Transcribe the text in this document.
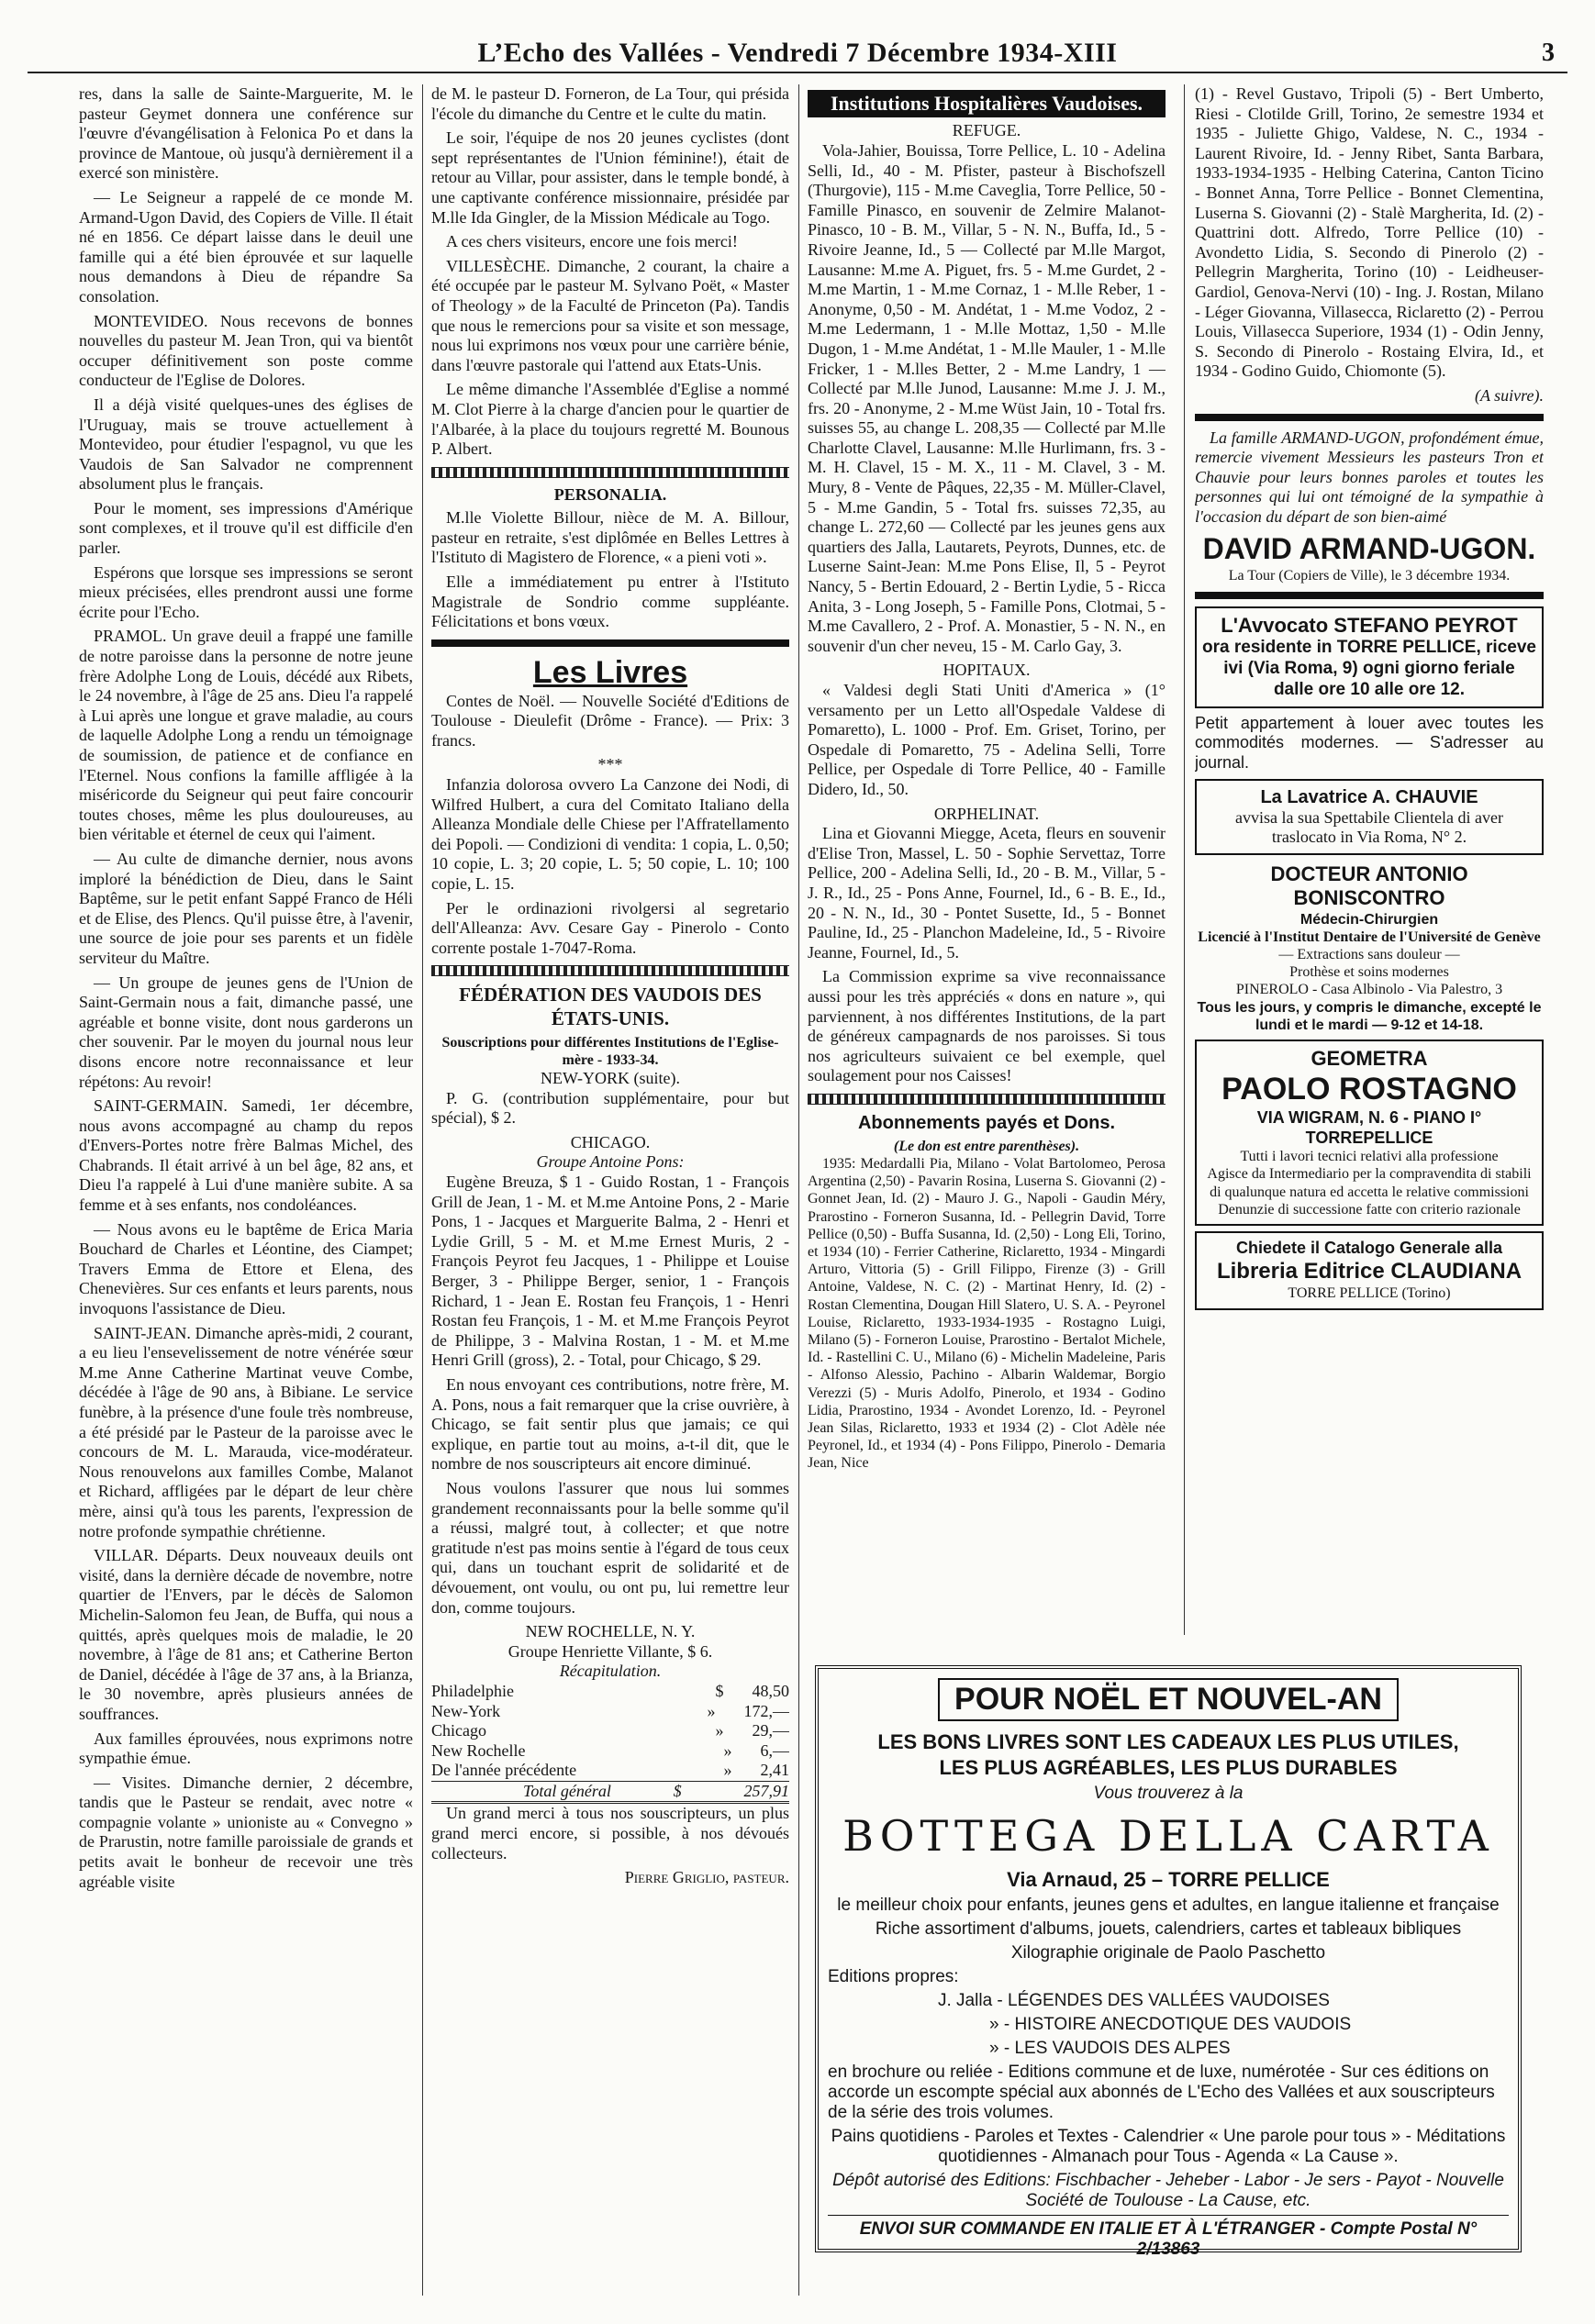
L’Echo des Vallées - Vendredi 7 Décembre 1934-XIII	3

res, dans la salle de Sainte-Marguerite, M. le pasteur Geymet donnera une conférence sur l'œuvre d'évangélisation à Felonica Po et dans la province de Mantoue, où jusqu'à dernièrement il a exercé son ministère.

— Le Seigneur a rappelé de ce monde M. Armand-Ugon David, des Copiers de Ville. Il était né en 1856. Ce départ laisse dans le deuil une famille qui a été bien éprouvée et sur laquelle nous demandons à Dieu de répandre Sa consolation.

MONTEVIDEO. Nous recevons de bonnes nouvelles du pasteur M. Jean Tron, qui va bientôt occuper définitivement son poste comme conducteur de l'Eglise de Dolores.

Il a déjà visité quelques-unes des églises de l'Uruguay, mais se trouve actuellement à Montevideo, pour étudier l'espagnol, vu que les Vaudois de San Salvador ne comprennent absolument plus le français.

Pour le moment, ses impressions d'Amérique sont complexes, et il trouve qu'il est difficile d'en parler.

Espérons que lorsque ses impressions se seront mieux précisées, elles prendront aussi une forme écrite pour l'Echo.

PRAMOL. Un grave deuil a frappé une famille de notre paroisse dans la personne de notre jeune frère Adolphe Long de Louis, décédé aux Ribets, le 24 novembre, à l'âge de 25 ans. Dieu l'a rappelé à Lui après une longue et grave maladie, au cours de laquelle Adolphe Long a rendu un témoignage de soumission, de patience et de confiance en l'Eternel. Nous confions la famille affligée à la miséricorde du Seigneur qui peut faire concourir toutes choses, même les plus douloureuses, au bien véritable et éternel de ceux qui l'aiment.

— Au culte de dimanche dernier, nous avons imploré la bénédiction de Dieu, dans le Saint Baptême, sur le petit enfant Sappé Franco de Héli et de Elise, des Plencs. Qu'il puisse être, à l'avenir, une source de joie pour ses parents et un fidèle serviteur du Maître.

— Un groupe de jeunes gens de l'Union de Saint-Germain nous a fait, dimanche passé, une agréable et bonne visite, dont nous garderons un cher souvenir. Par le moyen du journal nous leur disons encore notre reconnaissance et leur répétons: Au revoir!

SAINT-GERMAIN. Samedi, 1er décembre, nous avons accompagné au champ du repos d'Envers-Portes notre frère Balmas Michel, des Chabrands. Il était arrivé à un bel âge, 82 ans, et Dieu l'a rappelé à Lui d'une manière subite. A sa femme et à ses enfants, nos condoléances.

— Nous avons eu le baptême de Erica Maria Bouchard de Charles et Léontine, des Ciampet; Travers Emma de Ettore et Elena, des Chenevières. Sur ces enfants et leurs parents, nous invoquons l'assistance de Dieu.

SAINT-JEAN. Dimanche après-midi, 2 courant, a eu lieu l'ensevelissement de notre vénérée sœur M.me Anne Catherine Martinat veuve Combe, décédée à l'âge de 90 ans, à Bibiane. Le service funèbre, à la présence d'une foule très nombreuse, a été présidé par le Pasteur de la paroisse avec le concours de M. L. Marauda, vice-modérateur. Nous renouvelons aux familles Combe, Malanot et Richard, affligées par le départ de leur chère mère, ainsi qu'à tous les parents, l'expression de notre profonde sympathie chrétienne.

VILLAR. Départs. Deux nouveaux deuils ont visité, dans la dernière décade de novembre, notre quartier de l'Envers, par le décès de Salomon Michelin-Salomon feu Jean, de Buffa, qui nous a quittés, après quelques mois de maladie, le 20 novembre, à l'âge de 81 ans; et Catherine Berton de Daniel, décédée à l'âge de 37 ans, à la Brianza, le 30 novembre, après plusieurs années de souffrances.

Aux familles éprouvées, nous exprimons notre sympathie émue.

— Visites. Dimanche dernier, 2 décembre, tandis que le Pasteur se rendait, avec notre « compagnie volante » unioniste au « Convegno » de Prarustin, notre famille paroissiale de grands et petits avait le bonheur de recevoir une très agréable visite

de M. le pasteur D. Forneron, de La Tour, qui présida l'école du dimanche du Centre et le culte du matin.

Le soir, l'équipe de nos 20 jeunes cyclistes (dont sept représentantes de l'Union féminine!), était de retour au Villar, pour assister, dans le temple bondé, à une captivante conférence missionnaire, présidée par M.lle Ida Gingler, de la Mission Médicale au Togo.

A ces chers visiteurs, encore une fois merci!

VILLESÈCHE. Dimanche, 2 courant, la chaire a été occupée par le pasteur M. Sylvano Poët, « Master of Theology » de la Faculté de Princeton (Pa). Tandis que nous le remercions pour sa visite et son message, nous lui exprimons nos vœux pour une carrière bénie, dans l'œuvre pastorale qui l'attend aux Etats-Unis.

Le même dimanche l'Assemblée d'Eglise a nommé M. Clot Pierre à la charge d'ancien pour le quartier de l'Albarée, à la place du toujours regretté M. Bounous P. Albert.

PERSONALIA.

M.lle Violette Billour, nièce de M. A. Billour, pasteur en retraite, s'est diplômée en Belles Lettres à l'Istituto di Magistero de Florence, « a pieni voti ».

Elle a immédiatement pu entrer à l'Istituto Magistrale de Sondrio comme suppléante. Félicitations et bons vœux.

Les Livres

Contes de Noël. — Nouvelle Société d'Editions de Toulouse - Dieulefit (Drôme - France). — Prix: 3 francs.

***

Infanzia dolorosa ovvero La Canzone dei Nodi, di Wilfred Hulbert, a cura del Comitato Italiano della Alleanza Mondiale delle Chiese per l'Affratellamento dei Popoli. — Condizioni di vendita: 1 copia, L. 0,50; 10 copie, L. 3; 20 copie, L. 5; 50 copie, L. 10; 100 copie, L. 15.

Per le ordinazioni rivolgersi al segretario dell'Alleanza: Avv. Cesare Gay - Pinerolo - Conto corrente postale 1-7047-Roma.

FÉDÉRATION DES VAUDOIS DES ÉTATS-UNIS.
Souscriptions pour différentes Institutions de l'Eglise-mère - 1933-34.
NEW-YORK (suite).

P. G. (contribution supplémentaire, pour but spécial), $ 2.

CHICAGO.
Groupe Antoine Pons:

Eugène Breuza, $ 1 - Guido Rostan, 1 - François Grill de Jean, 1 - M. et M.me Antoine Pons, 2 - Marie Pons, 1 - Jacques et Marguerite Balma, 2 - Henri et Lydie Grill, 5 - M. et M.me Ernest Muris, 2 - François Peyrot feu Jacques, 1 - Philippe et Louise Berger, 3 - Philippe Berger, senior, 1 - François Richard, 1 - Jean E. Rostan feu François, 1 - Henri Rostan feu François, 1 - M. et M.me François Peyrot de Philippe, 3 - Malvina Rostan, 1 - M. et M.me Henri Grill (gross), 2. - Total, pour Chicago, $ 29.

En nous envoyant ces contributions, notre frère, M. A. Pons, nous a fait remarquer que la crise ouvrière, à Chicago, se fait sentir plus que jamais; ce qui explique, en partie tout au moins, a-t-il dit, que le nombre de nos souscripteurs ait encore diminué.

Nous voulons l'assurer que nous lui sommes grandement reconnaissants pour la belle somme qu'il a réussi, malgré tout, à collecter; et que notre gratitude n'est pas moins sentie à l'égard de tous ceux qui, dans un touchant esprit de solidarité et de dévouement, ont voulu, ou ont pu, lui remettre leur don, comme toujours.

NEW ROCHELLE, N. Y.
Groupe Henriette Villante, $ 6.
Récapitulation.
Philadelphie	$	48,50
New-York	»	172,—
Chicago	»	29,—
New Rochelle	»	6,—
De l'année précédente	»	2,41
Total général	$	257,91

Un grand merci à tous nos souscripteurs, un plus grand merci encore, si possible, à nos dévoués collecteurs.

Pierre Griglio, pasteur.
Institutions Hospitalières Vaudoises.
REFUGE.

Vola-Jahier, Bouissa, Torre Pellice, L. 10 - Adelina Selli, Id., 40 - M. Pfister, pasteur à Bischofszell (Thurgovie), 115 - M.me Caveglia, Torre Pellice, 50 - Famille Pinasco, en souvenir de Zelmire Malanot-Pinasco, 10 - B. M., Villar, 5 - N. N., Buffa, Id., 5 - Rivoire Jeanne, Id., 5 — Collecté par M.lle Margot, Lausanne: M.me A. Piguet, frs. 5 - M.me Gurdet, 2 - M.me Martin, 1 - M.me Cornaz, 1 - M.lle Reber, 1 - Anonyme, 0,50 - M. Andétat, 1 - M.me Vodoz, 2 - M.me Ledermann, 1 - M.lle Mottaz, 1,50 - M.lle Dugon, 1 - M.me Andétat, 1 - M.lle Mauler, 1 - M.lle Fricker, 1 - M.lles Better, 2 - M.me Landry, 1 — Collecté par M.lle Junod, Lausanne: M.me J. J. M., frs. 20 - Anonyme, 2 - M.me Wüst Jain, 10 - Total frs. suisses 55, au change L. 208,35 — Collecté par M.lle Charlotte Clavel, Lausanne: M.lle Hurlimann, frs. 3 - M. H. Clavel, 15 - M. X., 11 - M. Clavel, 3 - M. Mury, 8 - Vente de Pâques, 22,35 - M. Müller-Clavel, 5 - M.me Gandin, 5 - Total frs. suisses 72,35, au change L. 272,60 — Collecté par les jeunes gens aux quartiers des Jalla, Lautarets, Peyrots, Dunnes, etc. de Luserne Saint-Jean: M.me Pons Elise, Il, 5 - Peyrot Nancy, 5 - Bertin Edouard, 2 - Bertin Lydie, 5 - Ricca Anita, 3 - Long Joseph, 5 - Famille Pons, Clotmai, 5 - M.me Cavallero, 2 - Prof. A. Monastier, 5 - N. N., en souvenir d'un cher neveu, 15 - M. Carlo Gay, 3.

HOPITAUX.

« Valdesi degli Stati Uniti d'America » (1° versamento per un Letto all'Ospedale Valdese di Pomaretto), L. 1000 - Prof. Em. Griset, Torino, per Ospedale di Pomaretto, 75 - Adelina Selli, Torre Pellice, per Ospedale di Torre Pellice, 40 - Famille Didero, Id., 50.

ORPHELINAT.

Lina et Giovanni Miegge, Aceta, fleurs en souvenir d'Elise Tron, Massel, L. 50 - Sophie Servettaz, Torre Pellice, 200 - Adelina Selli, Id., 20 - B. M., Villar, 5 - J. R., Id., 25 - Pons Anne, Fournel, Id., 6 - B. E., Id., 20 - N. N., Id., 30 - Pontet Susette, Id., 5 - Bonnet Pauline, Id., 25 - Planchon Madeleine, Id., 5 - Rivoire Jeanne, Fournel, Id., 5.

La Commission exprime sa vive reconnaissance aussi pour les très appréciés « dons en nature », qui parviennent, à nos différentes Institutions, de la part de généreux campagnards de nos paroisses. Si tous nos agriculteurs suivaient ce bel exemple, quel soulagement pour nos Caisses!

Abonnements payés et Dons.
(Le don est entre parenthèses).

1935: Medardalli Pia, Milano - Volat Bartolomeo, Perosa Argentina (2,50) - Pavarin Rosina, Luserna S. Giovanni (2) - Gonnet Jean, Id. (2) - Mauro J. G., Napoli - Gaudin Méry, Prarostino - Forneron Susanna, Id. - Pellegrin David, Torre Pellice (0,50) - Buffa Susanna, Id. (2,50) - Long Eli, Torino, et 1934 (10) - Ferrier Catherine, Riclaretto, 1934 - Mingardi Arturo, Vittoria (5) - Grill Filippo, Firenze (3) - Grill Antoine, Valdese, N. C. (2) - Martinat Henry, Id. (2) - Rostan Clementina, Dougan Hill Slatero, U. S. A. - Peyronel Louise, Riclaretto, 1933-1934-1935 - Rostagno Luigi, Milano (5) - Forneron Louise, Prarostino - Bertalot Michele, Id. - Rastellini C. U., Milano (6) - Michelin Madeleine, Paris - Alfonso Alessio, Pachino - Albarin Waldemar, Borgio Verezzi (5) - Muris Adolfo, Pinerolo, et 1934 - Godino Lidia, Prarostino, 1934 - Avondet Lorenzo, Id. - Peyronel Jean Silas, Riclaretto, 1933 et 1934 (2) - Clot Adèle née Peyronel, Id., et 1934 (4) - Pons Filippo, Pinerolo - Demaria Jean, Nice

(1) - Revel Gustavo, Tripoli (5) - Bert Umberto, Riesi - Clotilde Grill, Torino, 2e semestre 1934 et 1935 - Juliette Ghigo, Valdese, N. C., 1934 - Laurent Rivoire, Id. - Jenny Ribet, Santa Barbara, 1933-1934-1935 - Helbing Caterina, Canton Ticino - Bonnet Anna, Torre Pellice - Bonnet Clementina, Luserna S. Giovanni (2) - Stalè Margherita, Id. (2) - Quattrini dott. Alfredo, Torre Pellice (10) - Avondetto Lidia, S. Secondo di Pinerolo (2) - Pellegrin Margherita, Torino (10) - Leidheuser-Gardiol, Genova-Nervi (10) - Ing. J. Rostan, Milano - Léger Giovanna, Villasecca, Riclaretto (2) - Perrou Louis, Villasecca Superiore, 1934 (1) - Odin Jenny, S. Secondo di Pinerolo - Rostaing Elvira, Id., et 1934 - Godino Guido, Chiomonte (5).

(A suivre).

La famille ARMAND-UGON, profondément émue, remercie vivement Messieurs les pasteurs Tron et Chauvie pour leurs bonnes paroles et toutes les personnes qui lui ont témoigné de la sympathie à l'occasion du départ de son bien-aimé

DAVID ARMAND-UGON.
La Tour (Copiers de Ville), le 3 décembre 1934.
L'Avvocato STEFANO PEYROT
ora residente in TORRE PELLICE, riceve ivi (Via Roma, 9) ogni giorno feriale dalle ore 10 alle ore 12.
Petit appartement à louer avec toutes les commodités modernes. — S'adresser au journal.
La Lavatrice A. CHAUVIE
avvisa la sua Spettabile Clientela di aver traslocato in Via Roma, N° 2.
DOCTEUR ANTONIO BONISCONTRO
Médecin-Chirurgien
Licencié à l'Institut Dentaire de l'Université de Genève
— Extractions sans douleur —
Prothèse et soins modernes
PINEROLO - Casa Albinolo - Via Palestro, 3
Tous les jours, y compris le dimanche, excepté le lundi et le mardi — 9-12 et 14-18.
GEOMETRA
PAOLO ROSTAGNO
VIA WIGRAM, N. 6 - PIANO I°
TORREPELLICE
Tutti i lavori tecnici relativi alla professione
Agisce da Intermediario per la compravendita di stabili di qualunque natura ed accetta le relative commissioni
Denunzie di successione fatte con criterio razionale
Chiedete il Catalogo Generale alla
Libreria Editrice CLAUDIANA
TORRE PELLICE (Torino)
POUR NOËL ET NOUVEL-AN
LES BONS LIVRES SONT LES CADEAUX LES PLUS UTILES,
LES PLUS AGRÉABLES, LES PLUS DURABLES
Vous trouverez à la
BOTTEGA DELLA CARTA
Via Arnaud, 25 – TORRE PELLICE
le meilleur choix pour enfants, jeunes gens et adultes, en langue italienne et française
Riche assortiment d'albums, jouets, calendriers, cartes et tableaux bibliques
Xilographie originale de Paolo Paschetto
Editions propres:
J. Jalla - LÉGENDES DES VALLÉES VAUDOISES
» - HISTOIRE ANECDOTIQUE DES VAUDOIS
» - LES VAUDOIS DES ALPES
en brochure ou reliée - Editions commune et de luxe, numérotée - Sur ces éditions on accorde un escompte spécial aux abonnés de L'Echo des Vallées et aux souscripteurs de la série des trois volumes.
Pains quotidiens - Paroles et Textes - Calendrier « Une parole pour tous » - Méditations quotidiennes - Almanach pour Tous - Agenda « La Cause ».
Dépôt autorisé des Editions: Fischbacher - Jeheber - Labor - Je sers - Payot - Nouvelle Société de Toulouse - La Cause, etc.
ENVOI SUR COMMANDE EN ITALIE ET À L'ÉTRANGER - Compte Postal N° 2/13863
